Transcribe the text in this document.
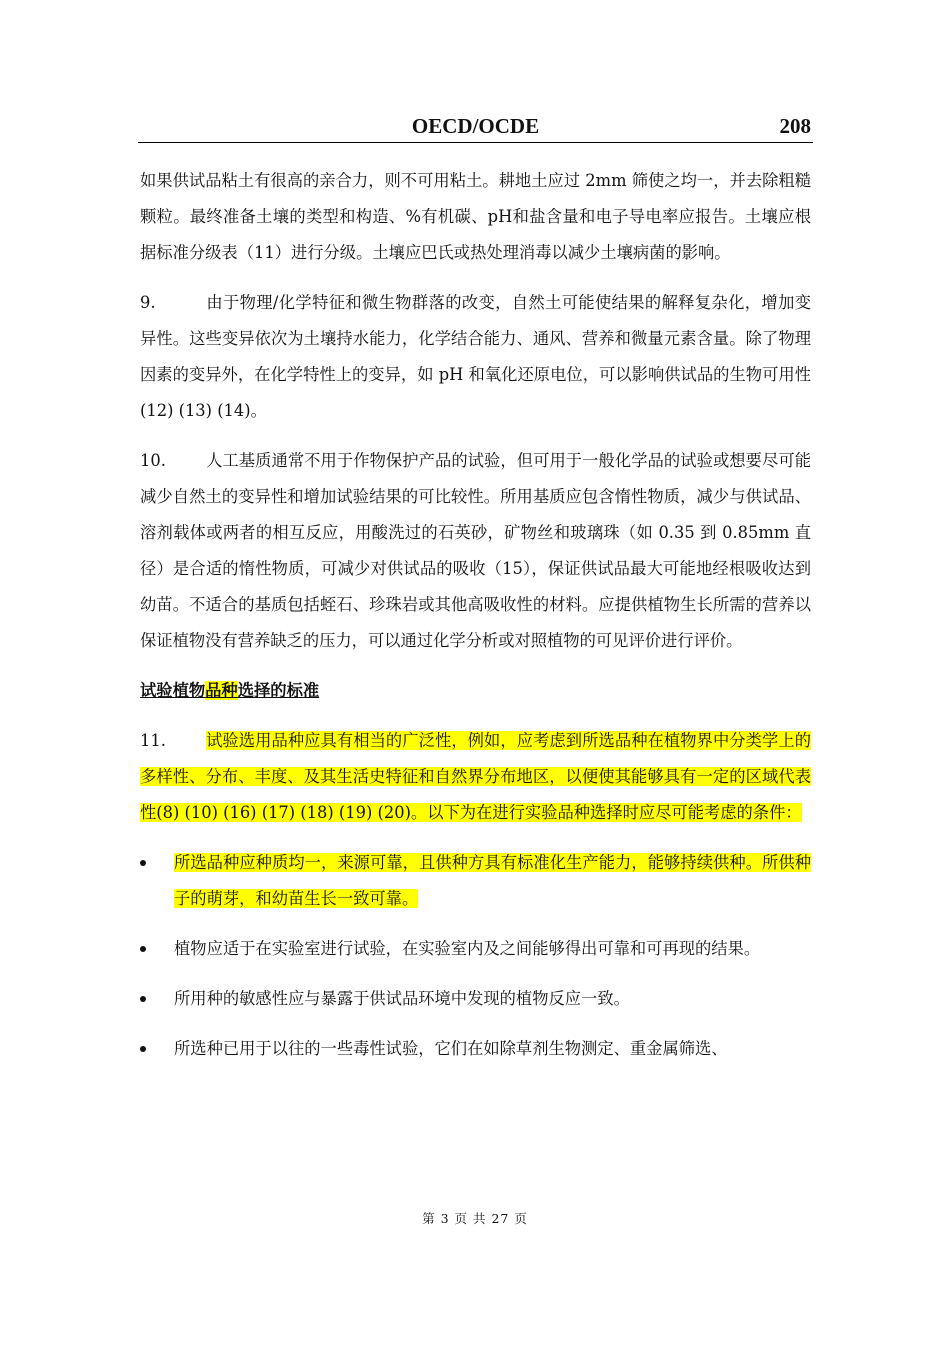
OECD/OCDE	208

如果供试品粘土有很高的亲合力，则不可用粘土。耕地土应过 2mm 筛使之均一，并去除粗糙颗粒。最终准备土壤的类型和构造、%有机碳、pH和盐含量和电子导电率应报告。土壤应根据标准分级表（11）进行分级。土壤应巴氏或热处理消毒以减少土壤病菌的影响。

9.	由于物理/化学特征和微生物群落的改变，自然土可能使结果的解释复杂化，增加变异性。这些变异依次为土壤持水能力，化学结合能力、通风、营养和微量元素含量。除了物理因素的变异外，在化学特性上的变异，如 pH 和氧化还原电位，可以影响供试品的生物可用性(12) (13) (14)。

10. 人工基质通常不用于作物保护产品的试验，但可用于一般化学品的试验或想要尽可能减少自然土的变异性和增加试验结果的可比较性。所用基质应包含惰性物质，减少与供试品、溶剂载体或两者的相互反应，用酸洗过的石英砂，矿物丝和玻璃珠（如 0.35 到 0.85mm 直径）是合适的惰性物质，可减少对供试品的吸收（15），保证供试品最大可能地经根吸收达到幼苗。不适合的基质包括蛭石、珍珠岩或其他高吸收性的材料。应提供植物生长所需的营养以保证植物没有营养缺乏的压力，可以通过化学分析或对照植物的可见评价进行评价。

试验植物品种选择的标准

11. 试验选用品种应具有相当的广泛性，例如，应考虑到所选品种在植物界中分类学上的多样性、分布、丰度、及其生活史特征和自然界分布地区，以便使其能够具有一定的区域代表性(8) (10) (16) (17) (18) (19) (20)。以下为在进行实验品种选择时应尽可能考虑的条件：

所选品种应种质均一，来源可靠，且供种方具有标准化生产能力，能够持续供种。所供种子的萌芽，和幼苗生长一致可靠。
植物应适于在实验室进行试验，在实验室内及之间能够得出可靠和可再现的结果。
所用种的敏感性应与暴露于供试品环境中发现的植物反应一致。
所选种已用于以往的一些毒性试验，它们在如除草剂生物测定、重金属筛选、
第 3 页 共 27 页
